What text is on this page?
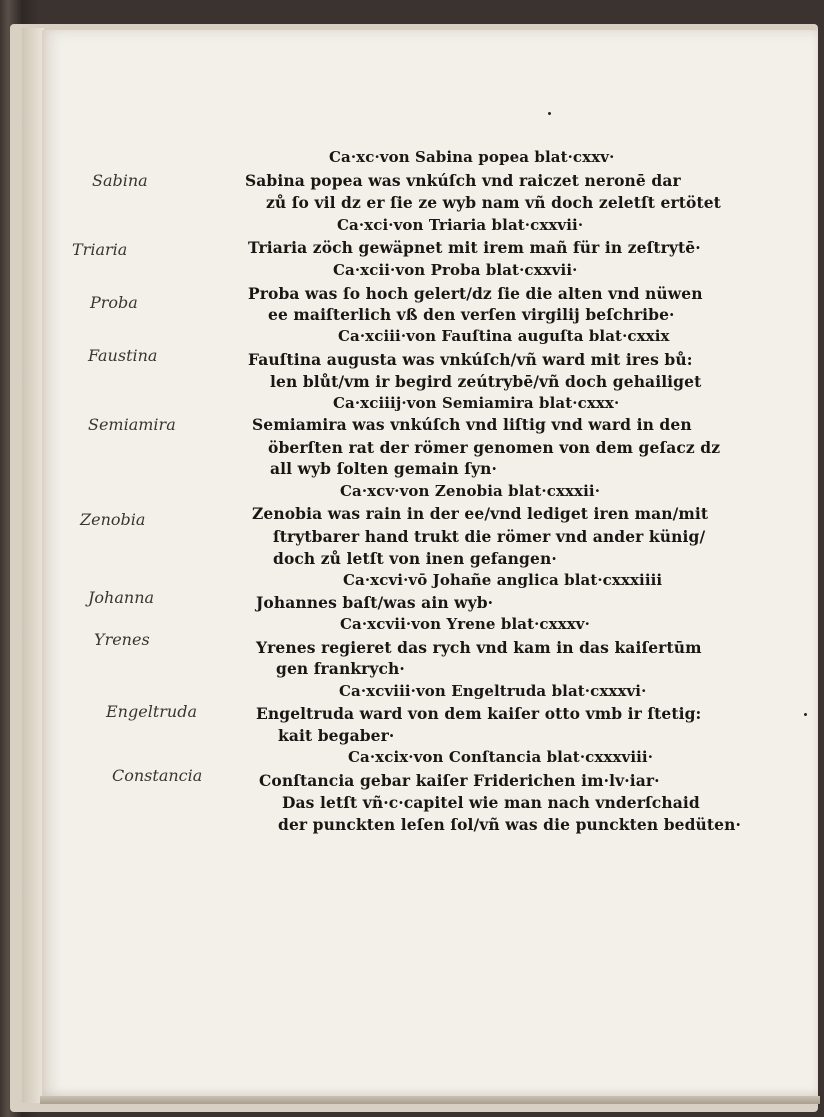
Ca·xc·von Sabina popea blat·cxxv·
Sabina popea was vnkúſch vnd raiczet neronē dar
zů ſo vil dz er ſie ze wyb nam vñ doch zeletſt ertötet
Ca·xci·von Triaria blat·cxxvii·
Triaria zöch gewäpnet mit irem mañ für in zeſtrytē·
Ca·xcii·von Proba blat·cxxvii·
Proba was ſo hoch gelert/dz ſie die alten vnd nüwen
ee maiſterlich vß den verſen virgilij beſchribe·
Ca·xciii·von Fauſtina auguſta blat·cxxix
Fauſtina augusta was vnkúſch/vñ ward mit ires bů:
len blůt/vm ir begird zeútrybē/vñ doch gehailiget
Ca·xciiij·von Semiamira blat·cxxx·
Semiamira was vnkúſch vnd liſtig vnd ward in den
öberſten rat der römer genomen von dem geſacz dz
all wyb ſolten gemain ſyn·
Ca·xcv·von Zenobia blat·cxxxii·
Zenobia was rain in der ee/vnd lediget iren man/mit
ſtrytbarer hand trukt die römer vnd ander künig/
doch zů letſt von inen gefangen·
Ca·xcvi·vō Johañe anglica blat·cxxxiiii
Johannes baſt/was ain wyb·
Ca·xcvii·von Yrene blat·cxxxv·
Yrenes regieret das rych vnd kam in das kaiſertūm
gen frankrych·
Ca·xcviii·von Engeltruda blat·cxxxvi·
Engeltruda ward von dem kaiſer otto vmb ir ſtetig:
kait begaber·
Ca·xcix·von Conſtancia blat·cxxxviii·
Conſtancia gebar kaiſer Friderichen im·lv·iar·
Das letſt vñ·c·capitel wie man nach vnderſchaid
der punckten leſen ſol/vñ was die punckten bedüten·
Sabina
Triaria
Proba
Faustina
Semiamira
Zenobia
Johanna
Yrenes
Engeltruda
Constancia
